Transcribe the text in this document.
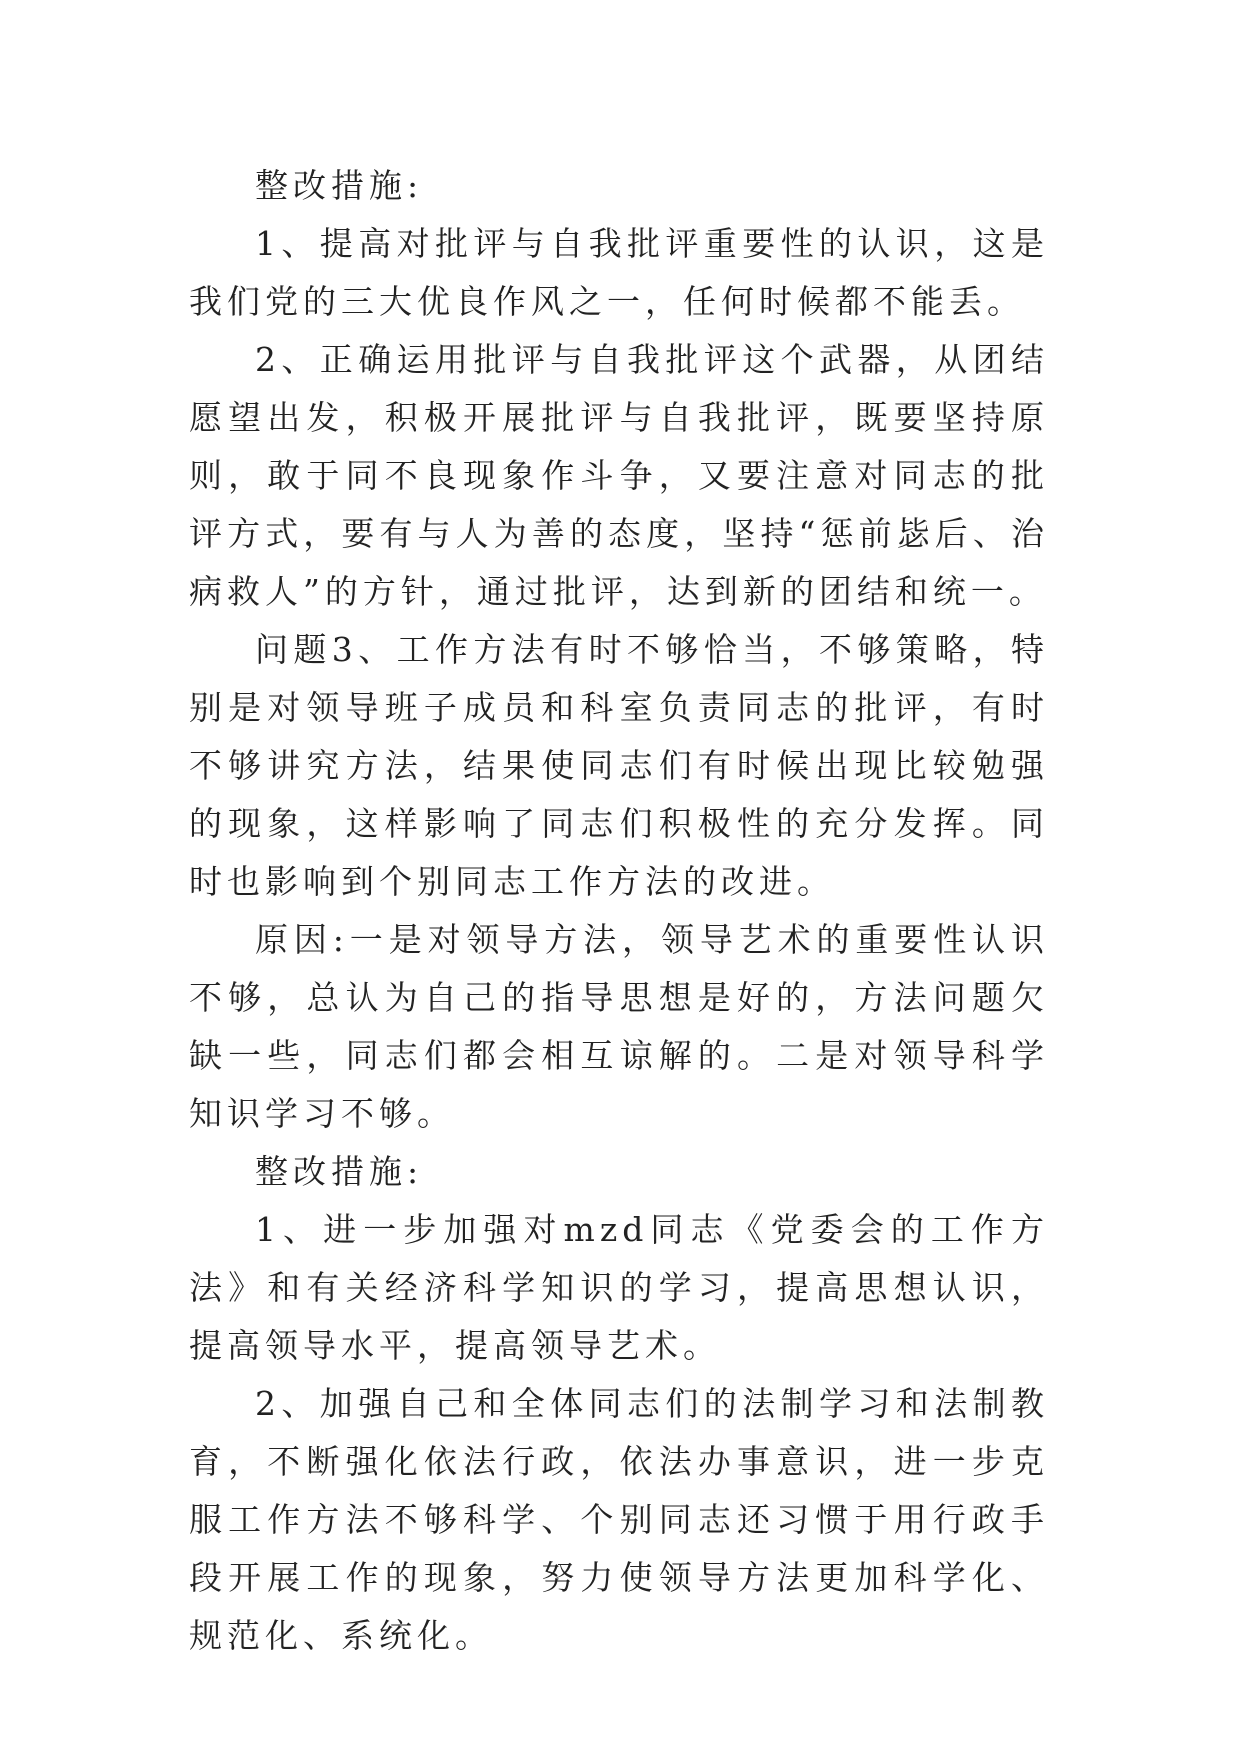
整改措施:

1、提高对批评与自我批评重要性的认识，这是我们党的三大优良作风之一，任何时候都不能丢。

2、正确运用批评与自我批评这个武器，从团结愿望出发，积极开展批评与自我批评，既要坚持原则，敢于同不良现象作斗争，又要注意对同志的批评方式，要有与人为善的态度，坚持“惩前毖后、治病救人”的方针，通过批评，达到新的团结和统一。

问题3、工作方法有时不够恰当，不够策略，特别是对领导班子成员和科室负责同志的批评，有时不够讲究方法，结果使同志们有时候出现比较勉强的现象，这样影响了同志们积极性的充分发挥。同时也影响到个别同志工作方法的改进。

原因:一是对领导方法，领导艺术的重要性认识不够，总认为自己的指导思想是好的，方法问题欠缺一些，同志们都会相互谅解的。二是对领导科学知识学习不够。

整改措施:

1、进一步加强对mzd同志《党委会的工作方法》和有关经济科学知识的学习，提高思想认识，提高领导水平，提高领导艺术。

2、加强自己和全体同志们的法制学习和法制教育，不断强化依法行政，依法办事意识，进一步克服工作方法不够科学、个别同志还习惯于用行政手段开展工作的现象，努力使领导方法更加科学化、规范化、系统化。
